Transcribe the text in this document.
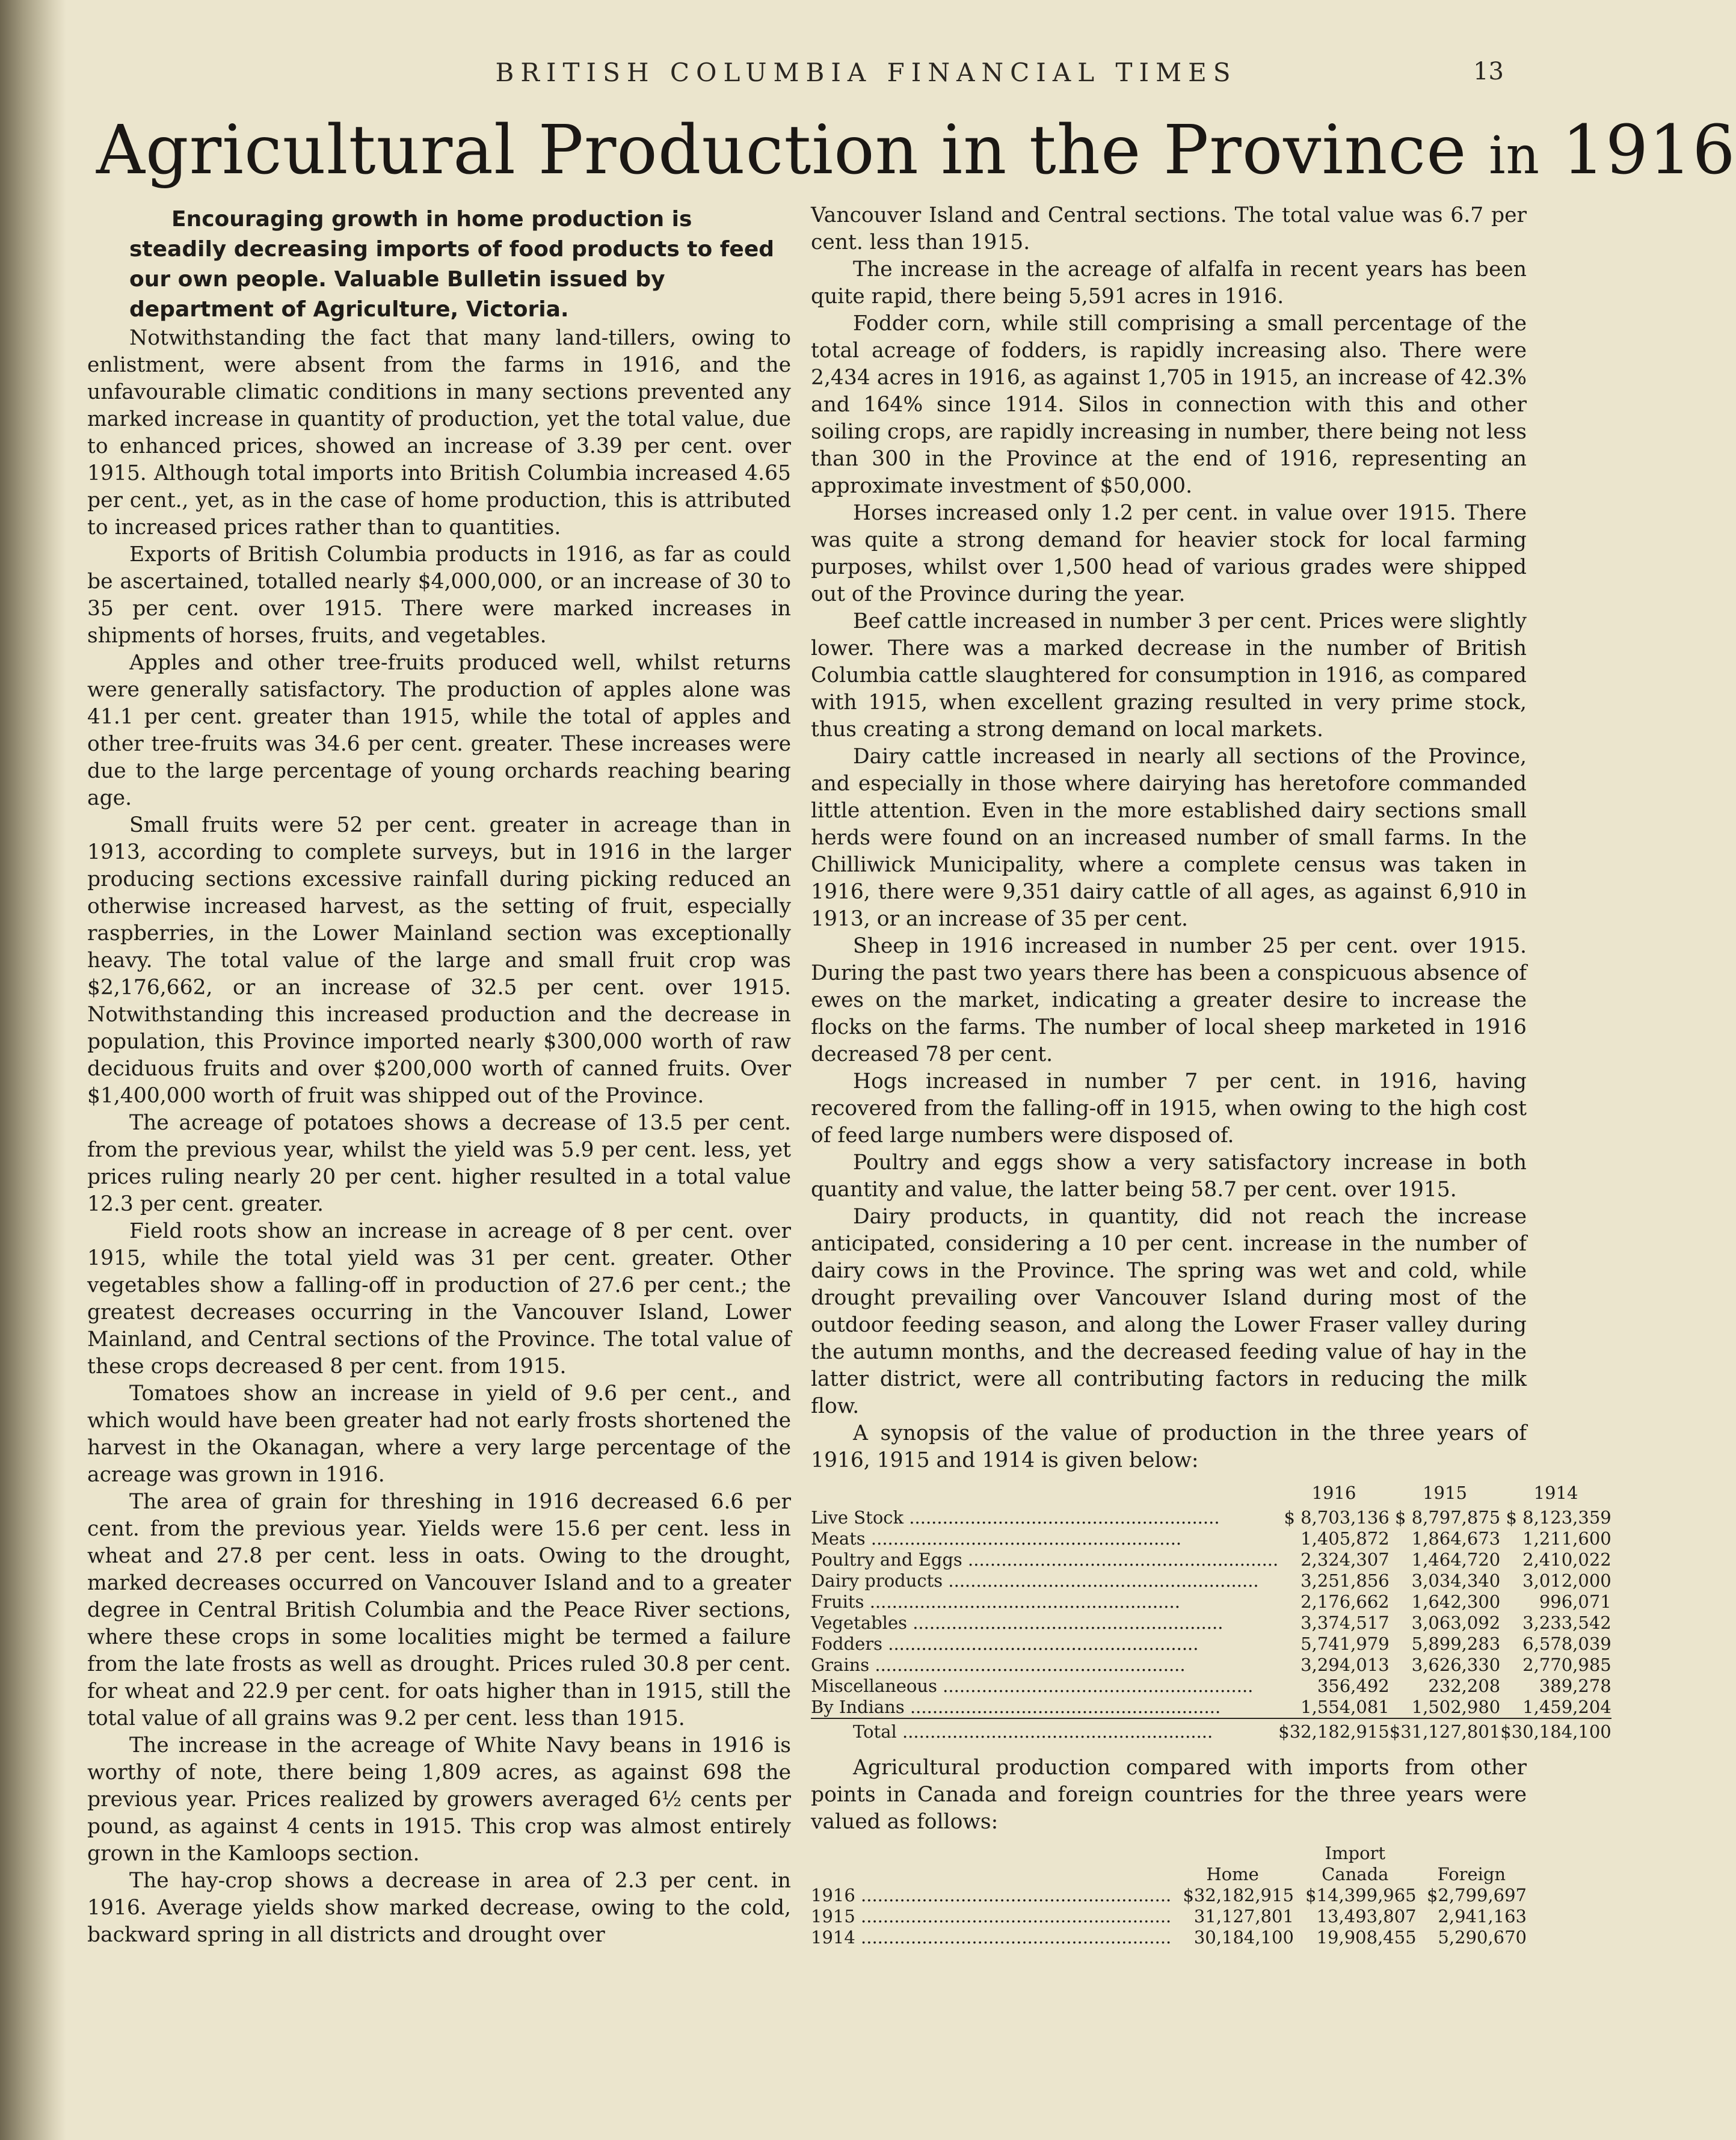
BRITISH COLUMBIA FINANCIAL TIMES	13
Agricultural Production in the Province in 1916

Encouraging growth in home production is steadily decreasing imports of food products to feed our own people. Valuable Bulletin issued by department of Agriculture, Victoria.

Notwithstanding the fact that many land-tillers, owing to enlistment, were absent from the farms in 1916, and the unfavourable climatic conditions in many sections prevented any marked increase in quantity of production, yet the total value, due to enhanced prices, showed an increase of 3.39 per cent. over 1915. Although total imports into British Columbia increased 4.65 per cent., yet, as in the case of home production, this is attributed to increased prices rather than to quantities.

Exports of British Columbia products in 1916, as far as could be ascertained, totalled nearly $4,000,000, or an increase of 30 to 35 per cent. over 1915. There were marked increases in shipments of horses, fruits, and vegetables.

Apples and other tree-fruits produced well, whilst returns were generally satisfactory. The production of apples alone was 41.1 per cent. greater than 1915, while the total of apples and other tree-fruits was 34.6 per cent. greater. These increases were due to the large percentage of young orchards reaching bearing age.

Small fruits were 52 per cent. greater in acreage than in 1913, according to complete surveys, but in 1916 in the larger producing sections excessive rainfall during picking reduced an otherwise increased harvest, as the setting of fruit, especially raspberries, in the Lower Mainland section was exceptionally heavy. The total value of the large and small fruit crop was $2,176,662, or an increase of 32.5 per cent. over 1915. Notwithstanding this increased production and the decrease in population, this Province imported nearly $300,000 worth of raw deciduous fruits and over $200,000 worth of canned fruits. Over $1,400,000 worth of fruit was shipped out of the Province.

The acreage of potatoes shows a decrease of 13.5 per cent. from the previous year, whilst the yield was 5.9 per cent. less, yet prices ruling nearly 20 per cent. higher resulted in a total value 12.3 per cent. greater.

Field roots show an increase in acreage of 8 per cent. over 1915, while the total yield was 31 per cent. greater. Other vegetables show a falling-off in production of 27.6 per cent.; the greatest decreases occurring in the Vancouver Island, Lower Mainland, and Central sections of the Province. The total value of these crops decreased 8 per cent. from 1915.

Tomatoes show an increase in yield of 9.6 per cent., and which would have been greater had not early frosts shortened the harvest in the Okanagan, where a very large percentage of the acreage was grown in 1916.

The area of grain for threshing in 1916 decreased 6.6 per cent. from the previous year. Yields were 15.6 per cent. less in wheat and 27.8 per cent. less in oats. Owing to the drought, marked decreases occurred on Vancouver Island and to a greater degree in Central British Columbia and the Peace River sections, where these crops in some localities might be termed a failure from the late frosts as well as drought. Prices ruled 30.8 per cent. for wheat and 22.9 per cent. for oats higher than in 1915, still the total value of all grains was 9.2 per cent. less than 1915.

The increase in the acreage of White Navy beans in 1916 is worthy of note, there being 1,809 acres, as against 698 the previous year. Prices realized by growers averaged 6½ cents per pound, as against 4 cents in 1915. This crop was almost entirely grown in the Kamloops section.

The hay-crop shows a decrease in area of 2.3 per cent. in 1916. Average yields show marked decrease, owing to the cold, backward spring in all districts and drought over

Vancouver Island and Central sections. The total value was 6.7 per cent. less than 1915.

The increase in the acreage of alfalfa in recent years has been quite rapid, there being 5,591 acres in 1916.

Fodder corn, while still comprising a small percentage of the total acreage of fodders, is rapidly increasing also. There were 2,434 acres in 1916, as against 1,705 in 1915, an increase of 42.3% and 164% since 1914. Silos in connection with this and other soiling crops, are rapidly increasing in number, there being not less than 300 in the Province at the end of 1916, representing an approximate investment of $50,000.

Horses increased only 1.2 per cent. in value over 1915. There was quite a strong demand for heavier stock for local farming purposes, whilst over 1,500 head of various grades were shipped out of the Province during the year.

Beef cattle increased in number 3 per cent. Prices were slightly lower. There was a marked decrease in the number of British Columbia cattle slaughtered for consumption in 1916, as compared with 1915, when excellent grazing resulted in very prime stock, thus creating a strong demand on local markets.

Dairy cattle increased in nearly all sections of the Province, and especially in those where dairying has heretofore commanded little attention. Even in the more established dairy sections small herds were found on an increased number of small farms. In the Chilliwick Municipality, where a complete census was taken in 1916, there were 9,351 dairy cattle of all ages, as against 6,910 in 1913, or an increase of 35 per cent.

Sheep in 1916 increased in number 25 per cent. over 1915. During the past two years there has been a conspicuous absence of ewes on the market, indicating a greater desire to increase the flocks on the farms. The number of local sheep marketed in 1916 decreased 78 per cent.

Hogs increased in number 7 per cent. in 1916, having recovered from the falling-off in 1915, when owing to the high cost of feed large numbers were disposed of.

Poultry and eggs show a very satisfactory increase in both quantity and value, the latter being 58.7 per cent. over 1915.

Dairy products, in quantity, did not reach the increase anticipated, considering a 10 per cent. increase in the number of dairy cows in the Province. The spring was wet and cold, while drought prevailing over Vancouver Island during most of the outdoor feeding season, and along the Lower Fraser valley during the autumn months, and the decreased feeding value of hay in the latter district, were all contributing factors in reducing the milk flow.

A synopsis of the value of production in the three years of 1916, 1915 and 1914 is given below:

	1916	1915	1914
Live Stock .....	$ 8,703,136	$ 8,797,875	$ 8,123,359
Meats .....	1,405,872	1,864,673	1,211,600
Poultry and Eggs .....	2,324,307	1,464,720	2,410,022
Dairy products .....	3,251,856	3,034,340	3,012,000
Fruits .....	2,176,662	1,642,300	996,071
Vegetables .....	3,374,517	3,063,092	3,233,542
Fodders .....	5,741,979	5,899,283	6,578,039
Grains .....	3,294,013	3,626,330	2,770,985
Miscellaneous .....	356,492	232,208	389,278
By Indians .....	1,554,081	1,502,980	1,459,204
Total .....	$32,182,915	$31,127,801	$30,184,100

Agricultural production compared with imports from other points in Canada and foreign countries for the three years were valued as follows:

		Import	
	Home	Canada	Foreign
1916 .....	$32,182,915	$14,399,965	$2,799,697
1915 .....	31,127,801	13,493,807	2,941,163
1914 .....	30,184,100	19,908,455	5,290,670
